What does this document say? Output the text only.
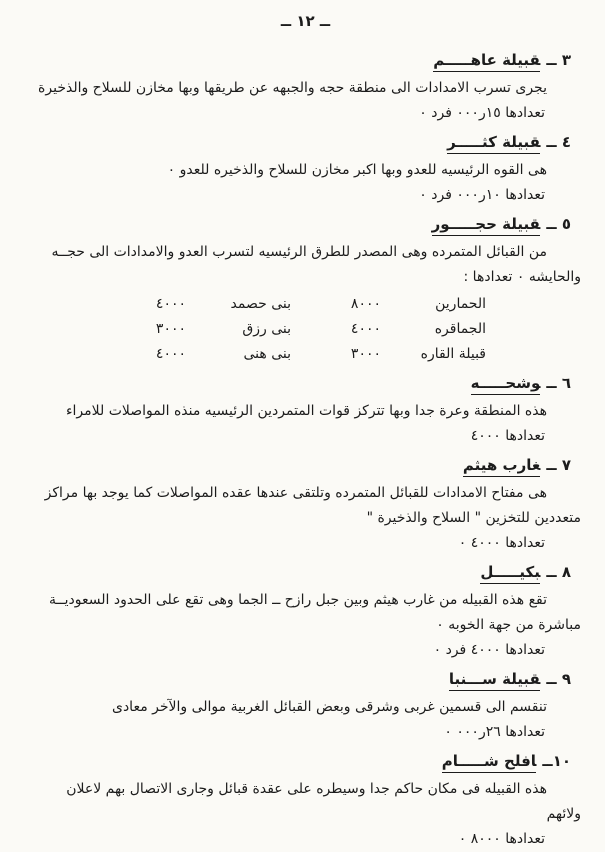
ــ ١٢ ــ
٣ ــقبيلة عاهـــــم

يجرى تسرب الامدادات الى منطقة حجه والجبهه عن طريقها وبها مخازن للسلاح والذخيرة

تعدادها ١٥ر٠٠٠ فرد ٠
٤ ــقبيلة كثـــــر

هى القوه الرئيسيه للعدو وبها اكبر مخازن للسلاح والذخيره للعدو ٠

تعدادها ١٠ر٠٠٠ فرد ٠
٥ ــقبيلة حجـــــور

من القبائل المتمرده وهى المصدر للطرق الرئيسيه لتسرب العدو والامدادات الى حجــه والحايشه ٠ تعدادها :

الحمارين
٨٠٠٠
بنى حصمد
٤٠٠٠
الجماقره
٤٠٠٠
بنى رزق
٣٠٠٠
قبيلة القاره
٣٠٠٠
بنى هنى
٤٠٠٠
٦ ــوشحـــــه

هذه المنطقة وعرة جدا وبها تتركز قوات المتمردين الرئيسيه منذه المواصلات للامراء

تعدادها ٤٠٠٠
٧ ــغارب هيثم

هى مفتاح الامدادات للقبائل المتمرده وتلتقى عندها عقده المواصلات كما يوجد بها مراكز متعددين للتخزين " السلاح والذخيرة "

تعدادها ٤٠٠٠ ٠
٨ ــبكيـــــل

تقع هذه القبيله من غارب هيثم وبين جبل رازح ــ الجما وهى تقع على الحدود السعوديــة مباشرة من جهة الخوبه ٠

تعدادها ٤٠٠٠ فرد ٠
٩ ــقبيلة ســـنبا

تنقسم الى قسمين غربى وشرقى وبعض القبائل الغربية موالى والآخر معادى

تعدادها ٢٦ر٠٠٠ ٠
١٠ــافلح شـــــام

هذه القبيله فى مكان حاكم جدا وسيطره على عقدة قبائل وجارى الاتصال بهم لاعلان ولائهم

تعدادها ٨٠٠٠ ٠
